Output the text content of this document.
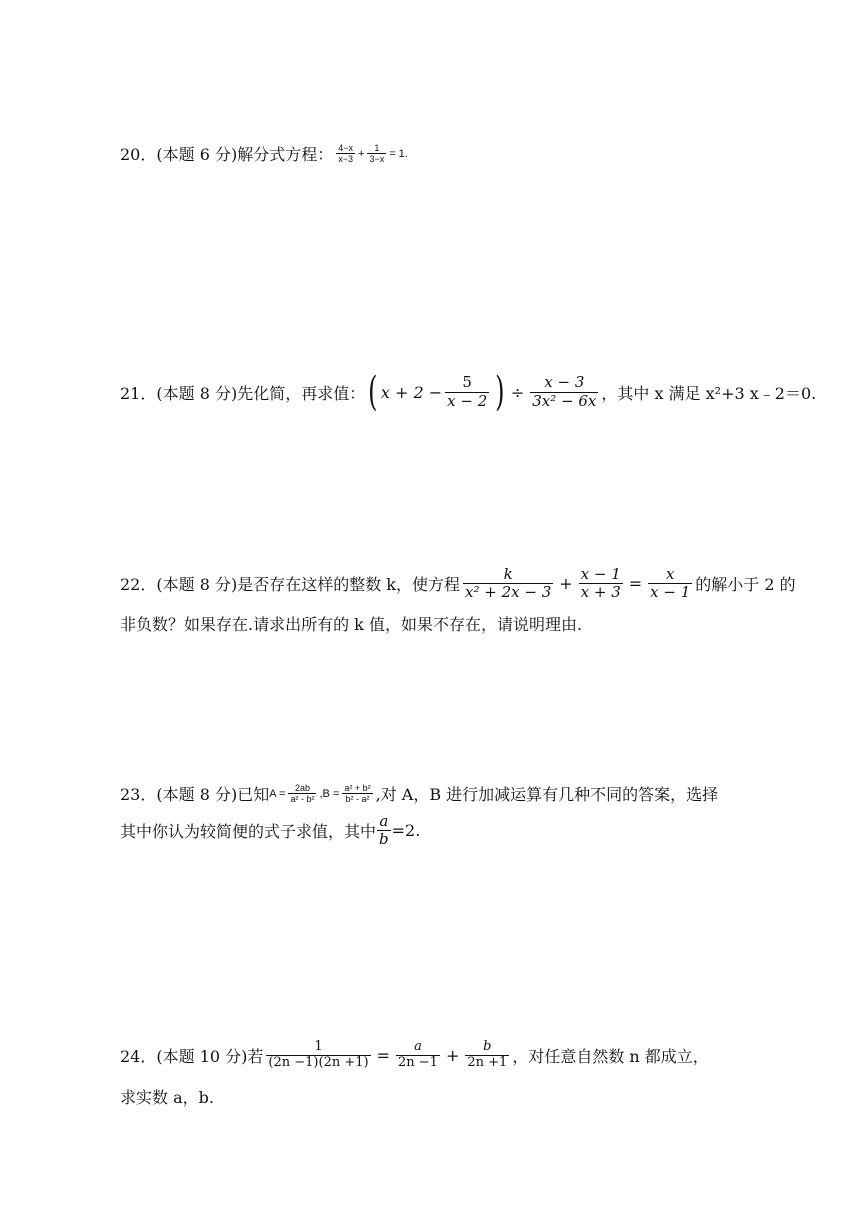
20． (本题 6 分) 解分式方程： $\frac{4-x}{x-3} + \frac{1}{3-x} = 1$.
21． (本题 8 分) 先化简，再求值： ( $x + 2 - \frac{5}{x - 2}$ ) ÷ $\frac{x - 3}{\text{3x² − 6x}}$ ，其中 x 满足 x²+3 x﹣2＝0.
22． (本题 8 分) 是否存在这样的整数 k，使方程 $\frac{k}{\text{x² + 2x − 3}} + \frac{x - 1}{x + 3} = \frac{x}{x - 1}$ 的解小于 2 的
非负数？如果存在.请求出所有的 k 值，如果不存在，请说明理由.
23． (本题 8 分) 已知 $A = \frac{2ab}{\text{a² - b²}} ,B = \frac{\text{a² + b²}}{\text{b² - a²}}$ ,对 A，B 进行加减运算有几种不同的答案，选择
其中你认为较简便的式子求值，其中 $\frac{a}{b} =2$.
24． (本题 10 分) 若 $\frac{1}{(2n -1)(2n +1)} = \frac{a}{2n -1} + \frac{b}{2n +1}$ ，对任意自然数 n 都成立，
求实数 a，b.
